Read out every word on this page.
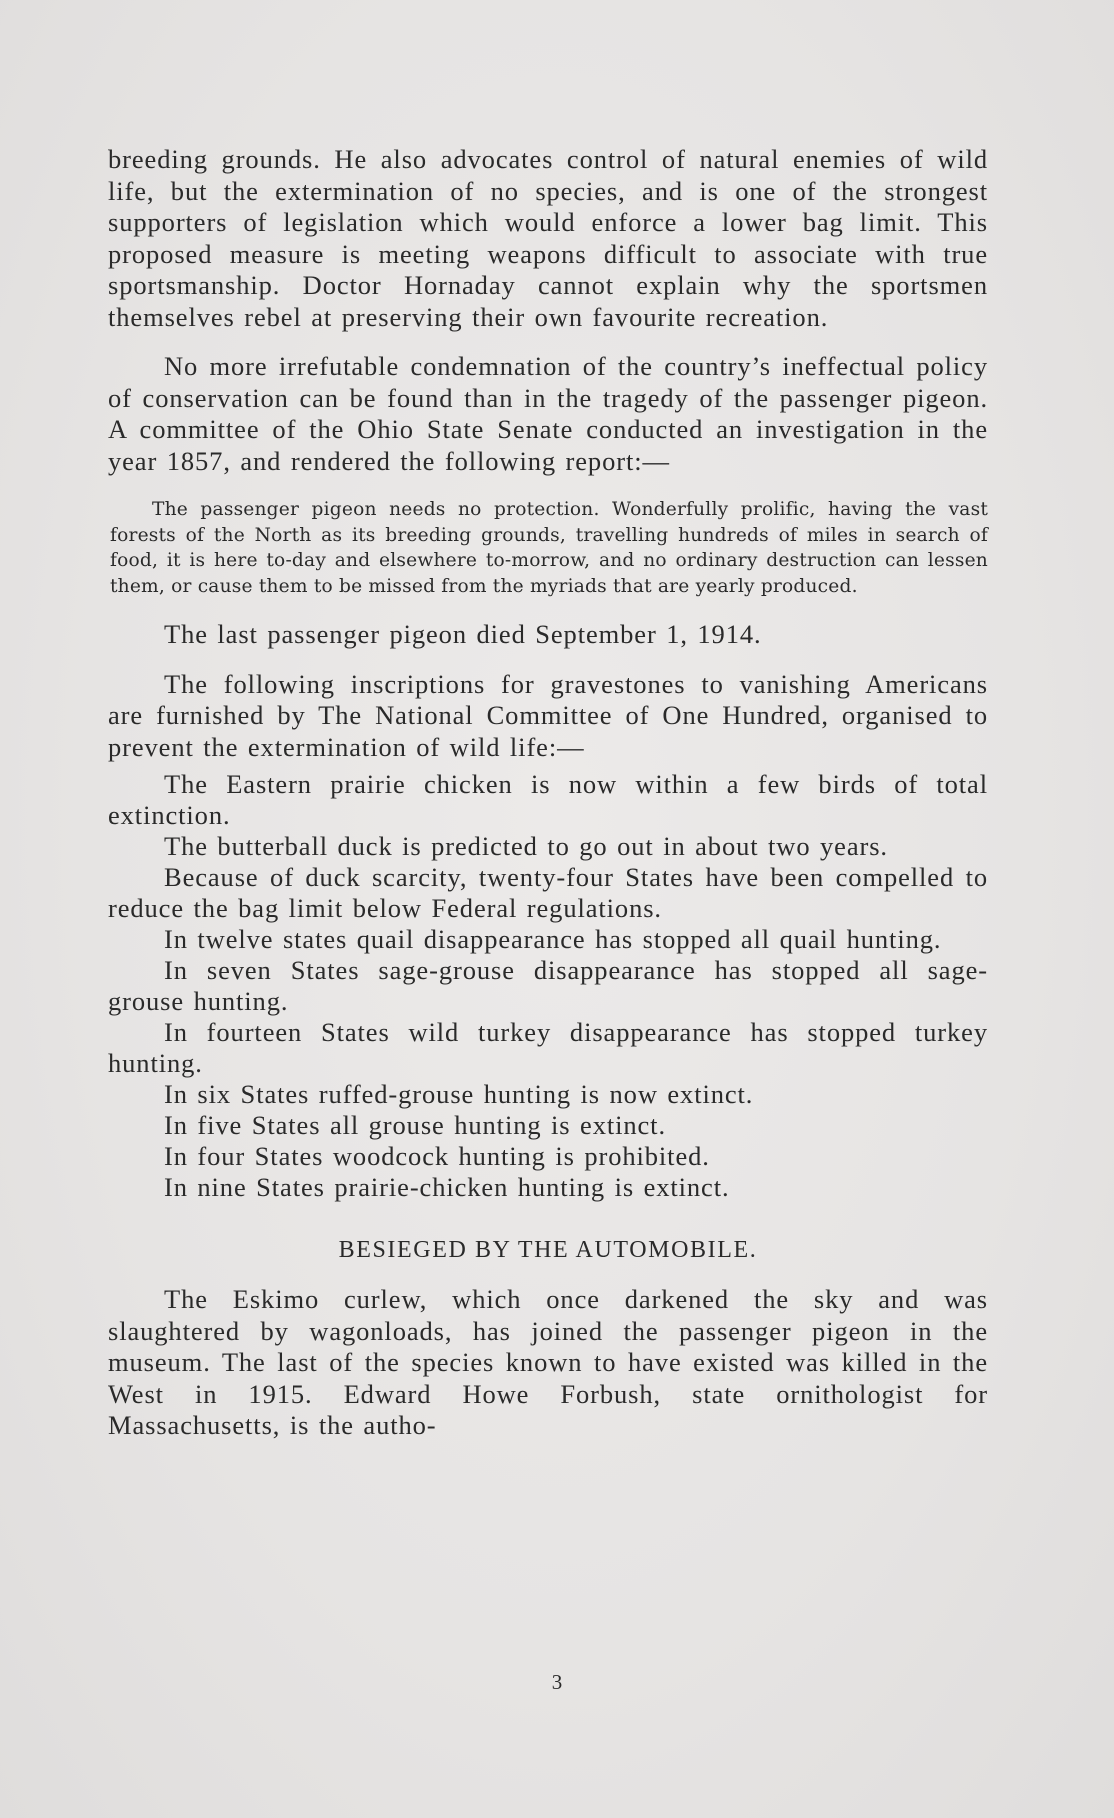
breeding grounds. He also advocates control of natural enemies of wild life, but the extermination of no species, and is one of the strongest supporters of legislation which would enforce a lower bag limit. This proposed measure is meeting weapons difficult to associate with true sportsmanship. Doctor Hornaday cannot explain why the sportsmen themselves rebel at preserving their own favourite recreation.

No more irrefutable condemnation of the country’s ineffectual policy of conservation can be found than in the tragedy of the passenger pigeon. A committee of the Ohio State Senate conducted an investigation in the year 1857, and rendered the following report:—

The passenger pigeon needs no protection. Wonderfully prolific, having the vast forests of the North as its breeding grounds, travelling hundreds of miles in search of food, it is here to-day and elsewhere to-morrow, and no ordinary destruction can lessen them, or cause them to be missed from the myriads that are yearly produced.

The last passenger pigeon died September 1, 1914.

The following inscriptions for gravestones to vanishing Americans are furnished by The National Committee of One Hundred, organised to prevent the extermination of wild life:—

The Eastern prairie chicken is now within a few birds of total extinction.

The butterball duck is predicted to go out in about two years.

Because of duck scarcity, twenty-four States have been compelled to reduce the bag limit below Federal regulations.

In twelve states quail disappearance has stopped all quail hunting.

In seven States sage-grouse disappearance has stopped all sage-grouse hunting.

In fourteen States wild turkey disappearance has stopped turkey hunting.

In six States ruffed-grouse hunting is now extinct.

In five States all grouse hunting is extinct.

In four States woodcock hunting is prohibited.

In nine States prairie-chicken hunting is extinct.

BESIEGED BY THE AUTOMOBILE.

The Eskimo curlew, which once darkened the sky and was slaughtered by wagonloads, has joined the passenger pigeon in the museum. The last of the species known to have existed was killed in the West in 1915. Edward Howe Forbush, state ornithologist for Massachusetts, is the autho-

3
